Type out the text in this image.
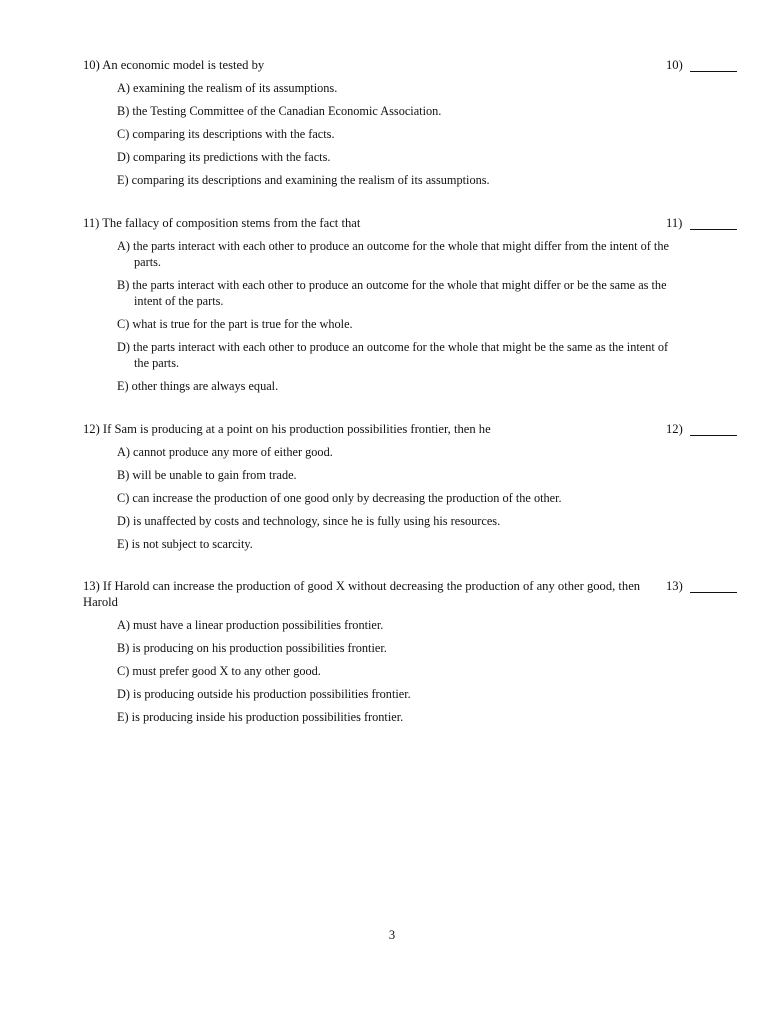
10) An economic model is tested by	10)
A) examining the realism of its assumptions.
B) the Testing Committee of the Canadian Economic Association.
C) comparing its descriptions with the facts.
D) comparing its predictions with the facts.
E) comparing its descriptions and examining the realism of its assumptions.
11) The fallacy of composition stems from the fact that	11)
A) the parts interact with each other to produce an outcome for the whole that might differ from the intent of the parts.
B) the parts interact with each other to produce an outcome for the whole that might differ or be the same as the intent of the parts.
C) what is true for the part is true for the whole.
D) the parts interact with each other to produce an outcome for the whole that might be the same as the intent of the parts.
E) other things are always equal.
12) If Sam is producing at a point on his production possibilities frontier, then he	12)
A) cannot produce any more of either good.
B) will be unable to gain from trade.
C) can increase the production of one good only by decreasing the production of the other.
D) is unaffected by costs and technology, since he is fully using his resources.
E) is not subject to scarcity.
13) If Harold can increase the production of good X without decreasing the production of any other good, then Harold
13)
A) must have a linear production possibilities frontier.
B) is producing on his production possibilities frontier.
C) must prefer good X to any other good.
D) is producing outside his production possibilities frontier.
E) is producing inside his production possibilities frontier.
3
